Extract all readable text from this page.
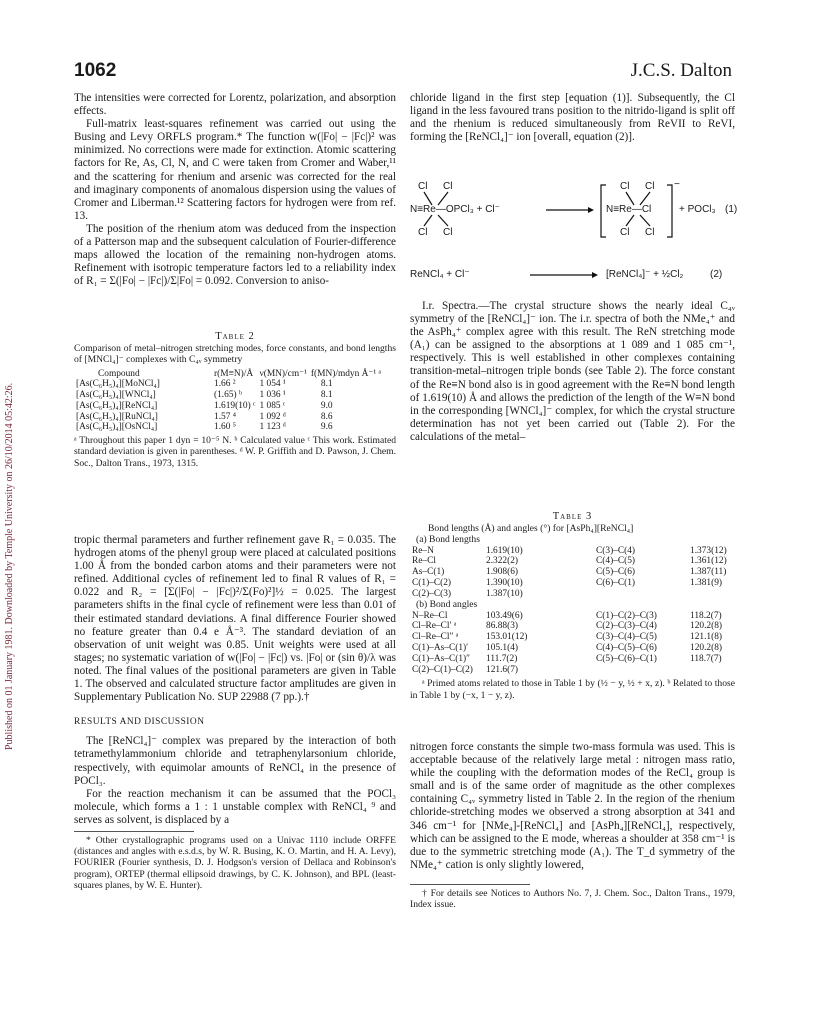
Published on 01 January 1981. Downloaded by Temple University on 26/10/2014 05:42:26.
1062	J.C.S. Dalton

The intensities were corrected for Lorentz, polarization, and absorption effects.

Full-matrix least-squares refinement was carried out using the Busing and Levy ORFLS program.* The function w(|Fo| − |Fc|)² was minimized. No corrections were made for extinction. Atomic scattering factors for Re, As, Cl, N, and C were taken from Cromer and Waber,¹¹ and the scattering for rhenium and arsenic was corrected for the real and imaginary components of anomalous dispersion using the values of Cromer and Liberman.¹² Scattering factors for hydrogen were from ref. 13.

The position of the rhenium atom was deduced from the inspection of a Patterson map and the subsequent calculation of Fourier-difference maps allowed the location of the remaining non-hydrogen atoms. Refinement with isotropic temperature factors led to a reliability index of R₁ = Σ(|Fo| − |Fc|)/Σ|Fo| = 0.092. Conversion to aniso-

Table 2

Comparison of metal–nitrogen stretching modes, force constants, and bond lengths of [MNCl₄]⁻ complexes with C₄ᵥ symmetry

Compound	r(M≡N)/Å	ν(MN)/cm⁻¹	f(MN)/mdyn Å⁻¹ ᵃ
[As(C₆H₅)₄][MoNCl₄]	1.66 ²	1 054 ¹	8.1
[As(C₆H₅)₄][WNCl₄]	(1.65) ᵇ	1 036 ¹	8.1
[As(C₆H₅)₄][ReNCl₄]	1.619(10) ᶜ	1 085 ᶜ	9.0
[As(C₆H₅)₄][RuNCl₄]	1.57 ⁴	1 092 ᵈ	8.6
[As(C₆H₅)₄][OsNCl₄]	1.60 ⁵	1 123 ᵈ	9.6

ᵃ Throughout this paper 1 dyn = 10⁻⁵ N. ᵇ Calculated value ᶜ This work. Estimated standard deviation is given in parentheses. ᵈ W. P. Griffith and D. Pawson, J. Chem. Soc., Dalton Trans., 1973, 1315.

tropic thermal parameters and further refinement gave R₁ = 0.035. The hydrogen atoms of the phenyl group were placed at calculated positions 1.00 Å from the bonded carbon atoms and their parameters were not refined. Additional cycles of refinement led to final R values of R₁ = 0.022 and R₂ = [Σ(|Fo| − |Fc|)²/Σ(Fo)²]½ = 0.025. The largest parameters shifts in the final cycle of refinement were less than 0.01 of their estimated standard deviations. A final difference Fourier showed no feature greater than 0.4 e Å⁻³. The standard deviation of an observation of unit weight was 0.85. Unit weights were used at all stages; no systematic variation of w(|Fo| − |Fc|) vs. |Fo| or (sin θ)/λ was noted. The final values of the positional parameters are given in Table 1. The observed and calculated structure factor amplitudes are given in Supplementary Publication No. SUP 22988 (7 pp.).†

RESULTS AND DISCUSSION

The [ReNCl₄]⁻ complex was prepared by the interaction of both tetramethylammonium chloride and tetraphenylarsonium chloride, respectively, with equimolar amounts of ReNCl₄ in the presence of POCl₃.

For the reaction mechanism it can be assumed that the POCl₃ molecule, which forms a 1 : 1 unstable complex with ReNCl₄ ⁹ and serves as solvent, is displaced by a

* Other crystallographic programs used on a Univac 1110 include ORFFE (distances and angles with e.s.d.s, by W. R. Busing, K. O. Martin, and H. A. Levy), FOURIER (Fourier synthesis, D. J. Hodgson's version of Dellaca and Robinson's program), ORTEP (thermal ellipsoid drawings, by C. K. Johnson), and BPL (least-squares planes, by W. E. Hunter).

chloride ligand in the first step [equation (1)]. Subsequently, the Cl ligand in the less favoured trans position to the nitrido-ligand is split off and the rhenium is reduced simultaneously from ReVII to ReVI, forming the [ReNCl₄]⁻ ion [overall, equation (2)].

Cl Cl
N≡Re—OPCl₃ + Cl⁻
Cl Cl
Cl Cl −
N≡Re—Cl
Cl Cl
+ POCl₃ (1)
ReNCl₄ + Cl⁻	[ReNCl₄]⁻ + ½Cl₂	(2)

I.r. Spectra.—The crystal structure shows the nearly ideal C₄ᵥ symmetry of the [ReNCl₄]⁻ ion. The i.r. spectra of both the NMe₄⁺ and the AsPh₄⁺ complex agree with this result. The ReN stretching mode (A₁) can be assigned to the absorptions at 1 089 and 1 085 cm⁻¹, respectively. This is well established in other complexes containing transition-metal–nitrogen triple bonds (see Table 2). The force constant of the Re≡N bond also is in good agreement with the Re≡N bond length of 1.619(10) Å and allows the prediction of the length of the W≡N bond in the corresponding [WNCl₄]⁻ complex, for which the crystal structure determination has not yet been carried out (Table 2). For the calculations of the metal–

Table 3

Bond lengths (Å) and angles (°) for [AsPh₄][ReNCl₄]

(a) Bond lengths

Re–N	1.619(10)	C(3)–C(4)	1.373(12)
Re–Cl	2.322(2)	C(4)–C(5)	1.361(12)
As–C(1)	1.908(6)	C(5)–C(6)	1.387(11)
C(1)–C(2)	1.390(10)	C(6)–C(1)	1.381(9)
C(2)–C(3)	1.387(10)		

(b) Bond angles

N–Re–Cl	103.49(6)	C(1)–C(2)–C(3)	118.2(7)
Cl–Re–Cl′ ᵃ	86.88(3)	C(2)–C(3)–C(4)	120.2(8)
Cl–Re–Cl″ ᵃ	153.01(12)	C(3)–C(4)–C(5)	121.1(8)
C(1)–As–C(1)′	105.1(4)	C(4)–C(5)–C(6)	120.2(8)
C(1)–As–C(1)″	111.7(2)	C(5)–C(6)–C(1)	118.7(7)
C(2)–C(1)–C(2)	121.6(7)		

ᵃ Primed atoms related to those in Table 1 by (½ − y, ½ + x, z). ᵇ Related to those in Table 1 by (−x, 1 − y, z).

nitrogen force constants the simple two-mass formula was used. This is acceptable because of the relatively large metal : nitrogen mass ratio, while the coupling with the deformation modes of the ReCl₄ group is small and is of the same order of magnitude as the other complexes containing C₄ᵥ symmetry listed in Table 2. In the region of the rhenium chloride-stretching modes we observed a strong absorption at 341 and 346 cm⁻¹ for [NMe₄]-[ReNCl₄] and [AsPh₄][ReNCl₄], respectively, which can be assigned to the E mode, whereas a shoulder at 358 cm⁻¹ is due to the symmetric stretching mode (A₁). The T_d symmetry of the NMe₄⁺ cation is only slightly lowered,

† For details see Notices to Authors No. 7, J. Chem. Soc., Dalton Trans., 1979, Index issue.
